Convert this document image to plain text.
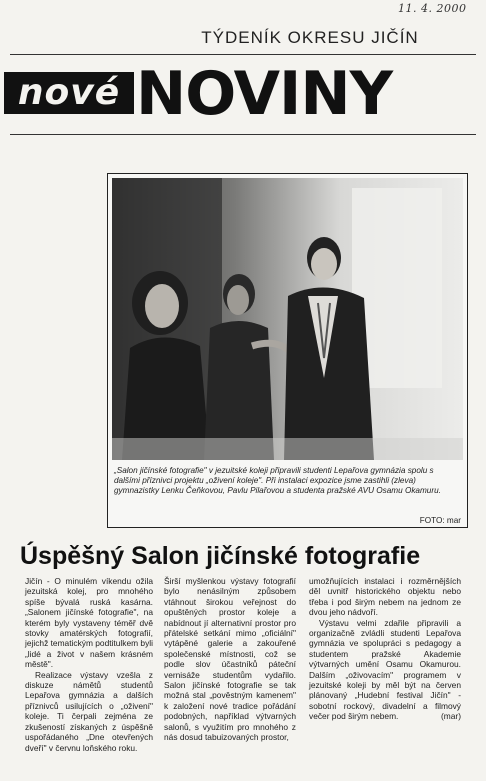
11. 4. 2000
TÝDENÍK OKRESU JIČÍN
nové NOVINY
„Salon jičínské fotografie" v jezuitské koleji připravili studenti Lepařova gymnázia spolu s dalšími příznivci projektu „oživení koleje". Při instalaci expozice jsme zastihli (zleva) gymnazistky Lenku Čeňkovou, Pavlu Pilařovou a studenta pražské AVU Osamu Okamuru.
FOTO: mar
Úspěšný Salon jičínské fotografie

Jičín - O minulém víkendu ožila jezuitská kolej, pro mnohého spíše bývalá ruská kasárna. „Salonem jičínské fotografie", na kterém byly vystaveny téměř dvě stovky amatérských fotografií, jejichž tematickým podtitulkem byli „lidé a život v našem krásném městě".

Realizace výstavy vzešla z diskuze námětů studentů Lepařova gymnázia a dalších příznivců usilujících o „oživení" koleje. Ti čerpali zejména ze zkušeností získaných z úspěšně uspořádaného „Dne otevřených dveří" v červnu loňského roku.

Širší myšlenkou výstavy fotografií bylo nenásilným způsobem vtáhnout širokou veřejnost do opuštěných prostor koleje a nabídnout jí alternativní prostor pro přátelské setkání mimo „oficiální" vytápěné galerie a zakouřené společenské místnosti, což se podle slov účastníků páteční vernisáže studentům vydařilo. Salon jičínské fotografie se tak možná stal „pověstným kamenem" k založení nové tradice pořádání podobných, například výtvarných salonů, s využitím pro mnohého z nás dosud tabuizovaných prostor,

umožňujících instalaci i rozměrnějších děl uvnitř historického objektu nebo třeba i pod širým nebem na jednom ze dvou jeho nádvoří.

Výstavu velmi zdařile připravili a organizačně zvládli studenti Lepařova gymnázia ve spolupráci s pedagogy a studentem pražské Akademie výtvarných umění Osamu Okamurou. Dalším „oživovacím" programem v jezuitské koleji by měl být na červen plánovaný „Hudební festival Jičín" - sobotní rockový, divadelní a filmový večer pod širým nebem.	(mar)
